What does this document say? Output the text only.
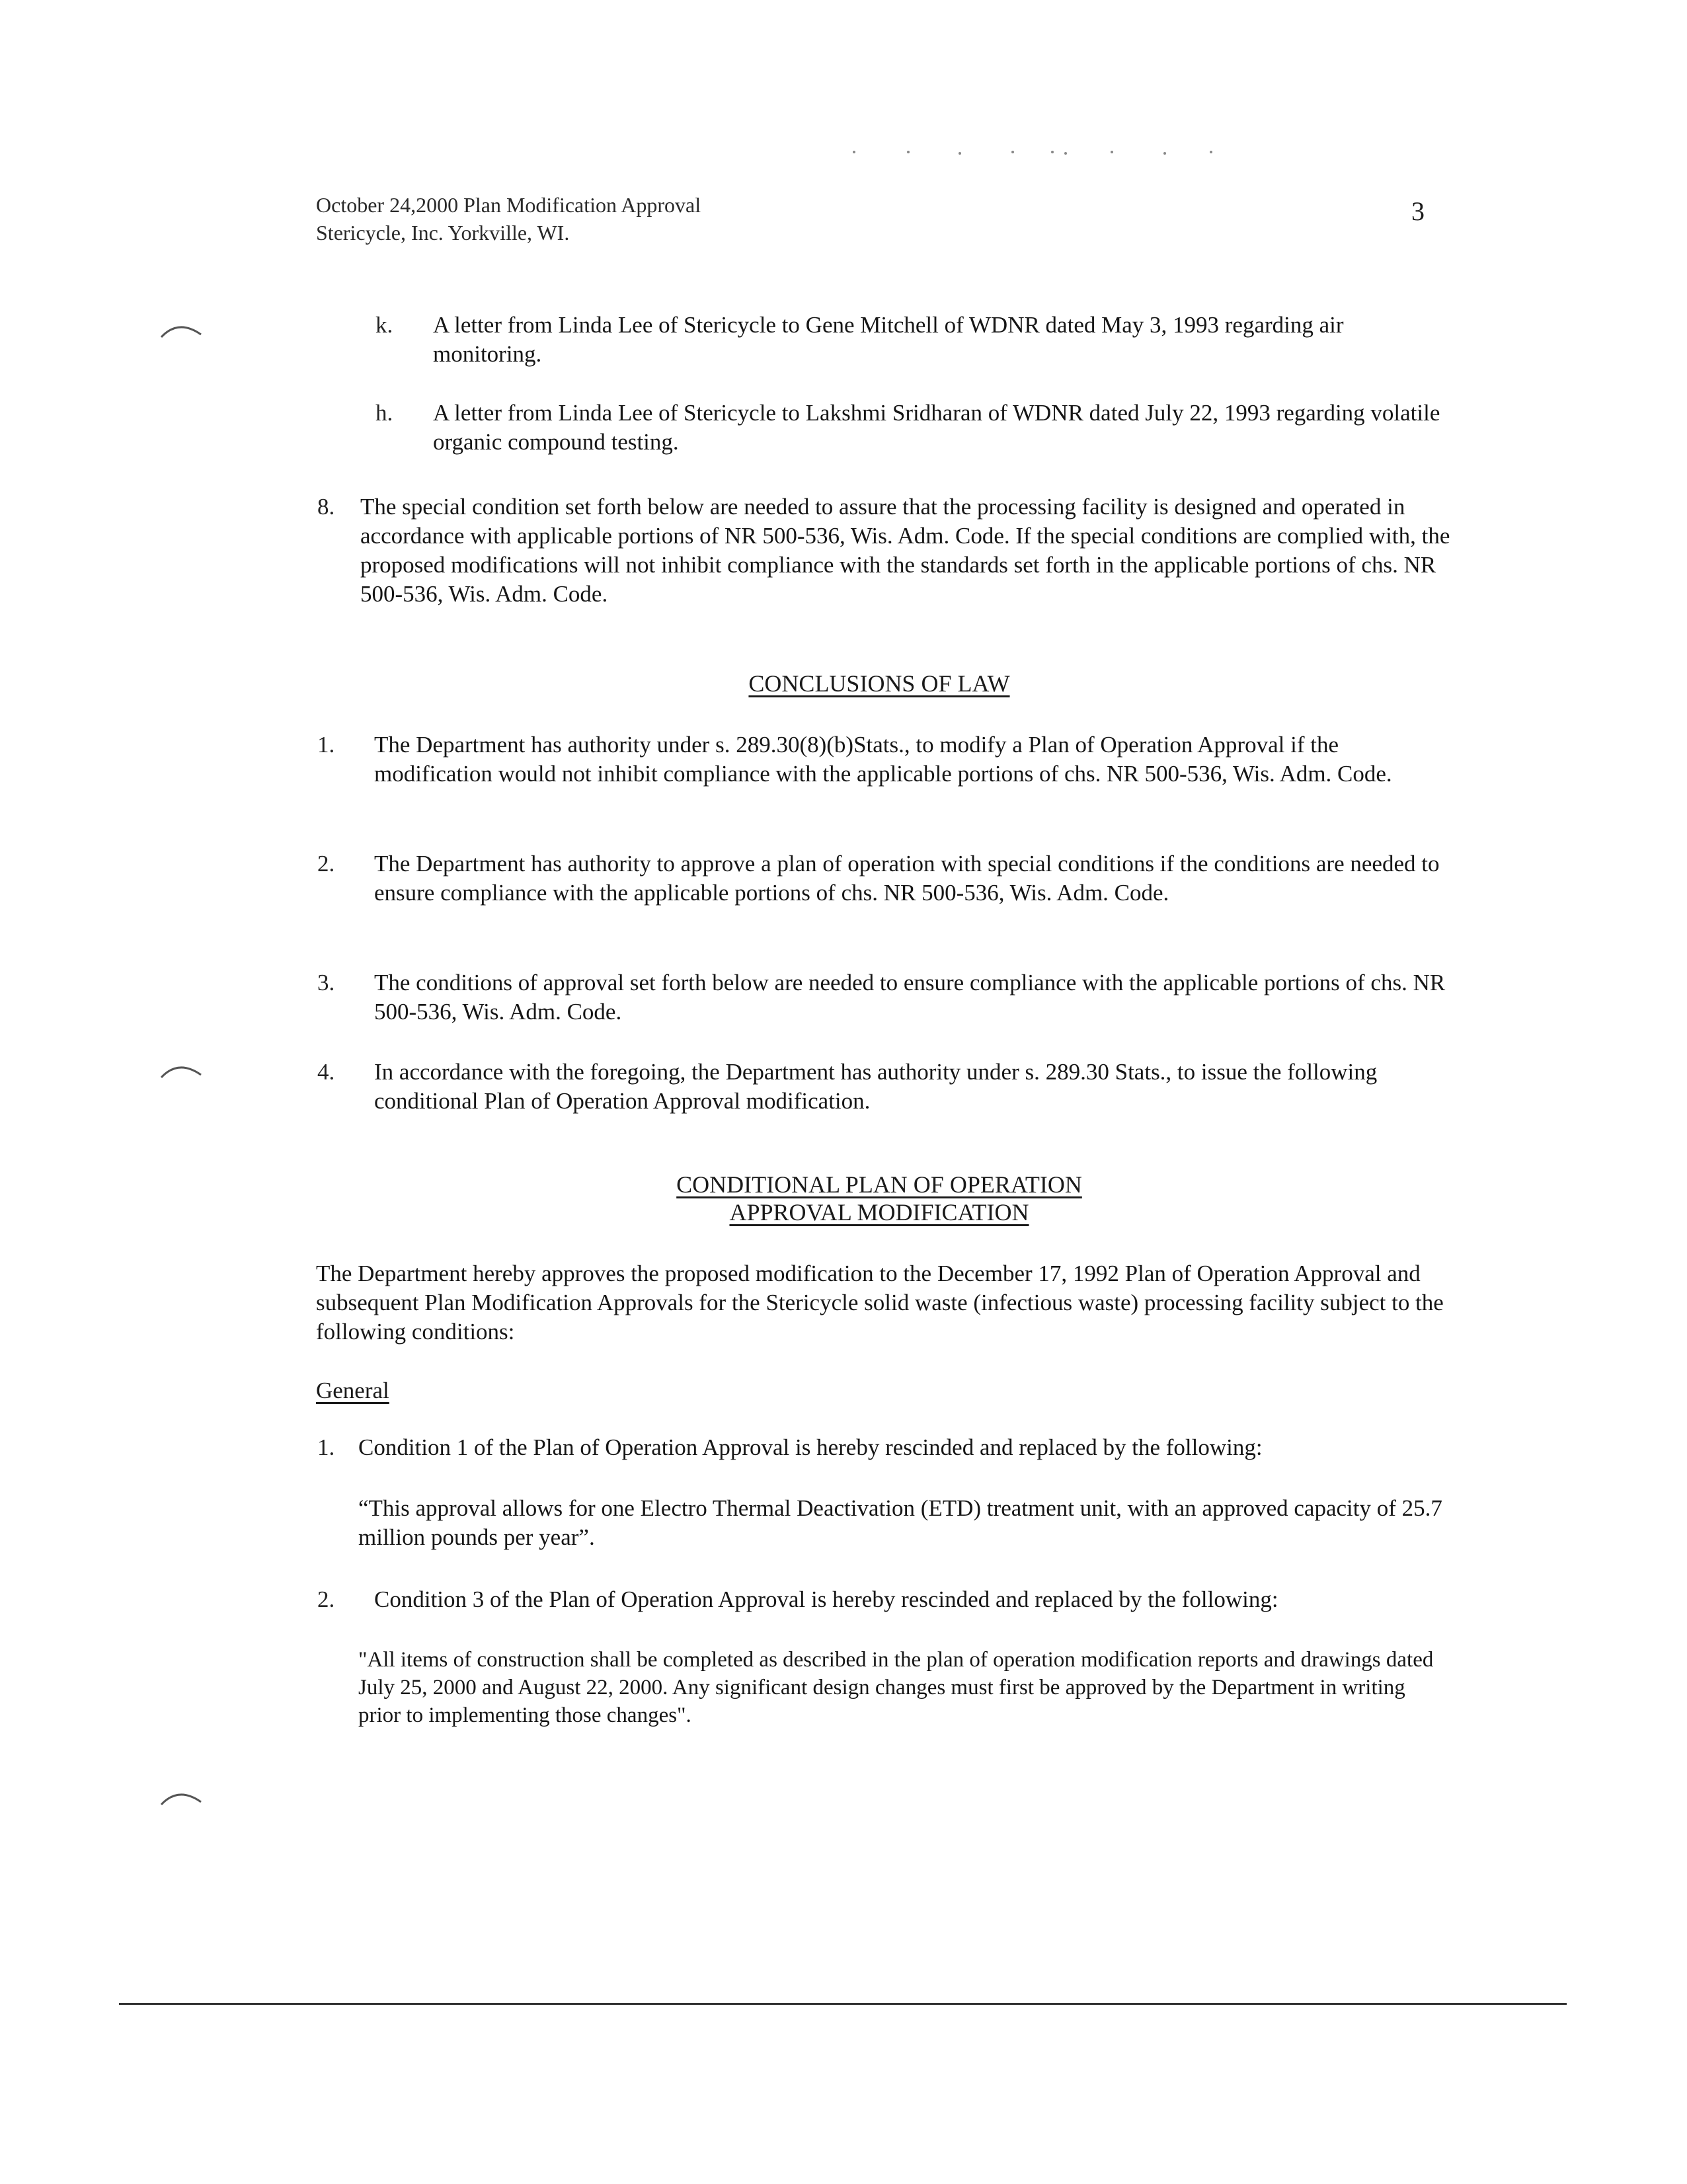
October 24,2000 Plan Modification Approval
Stericycle, Inc. Yorkville, WI.
3
k. A letter from Linda Lee of Stericycle to Gene Mitchell of WDNR dated May 3, 1993 regarding air monitoring.
h. A letter from Linda Lee of Stericycle to Lakshmi Sridharan of WDNR dated July 22, 1993 regarding volatile organic compound testing.
8. The special condition set forth below are needed to assure that the processing facility is designed and operated in accordance with applicable portions of NR 500-536, Wis. Adm. Code. If the special conditions are complied with, the proposed modifications will not inhibit compliance with the standards set forth in the applicable portions of chs. NR 500-536, Wis. Adm. Code.
CONCLUSIONS OF LAW
1. The Department has authority under s. 289.30(8)(b)Stats., to modify a Plan of Operation Approval if the modification would not inhibit compliance with the applicable portions of chs. NR 500-536, Wis. Adm. Code.
2. The Department has authority to approve a plan of operation with special conditions if the conditions are needed to ensure compliance with the applicable portions of chs. NR 500-536, Wis. Adm. Code.
3. The conditions of approval set forth below are needed to ensure compliance with the applicable portions of chs. NR 500-536, Wis. Adm. Code.
4. In accordance with the foregoing, the Department has authority under s. 289.30 Stats., to issue the following conditional Plan of Operation Approval modification.
CONDITIONAL PLAN OF OPERATION
APPROVAL MODIFICATION
The Department hereby approves the proposed modification to the December 17, 1992 Plan of Operation Approval and subsequent Plan Modification Approvals for the Stericycle solid waste (infectious waste) processing facility subject to the following conditions:
General
1. Condition 1 of the Plan of Operation Approval is hereby rescinded and replaced by the following:
“This approval allows for one Electro Thermal Deactivation (ETD) treatment unit, with an approved capacity of 25.7 million pounds per year”.
2. Condition 3 of the Plan of Operation Approval is hereby rescinded and replaced by the following:
"All items of construction shall be completed as described in the plan of operation modification reports and drawings dated July 25, 2000 and August 22, 2000. Any significant design changes must first be approved by the Department in writing prior to implementing those changes".
